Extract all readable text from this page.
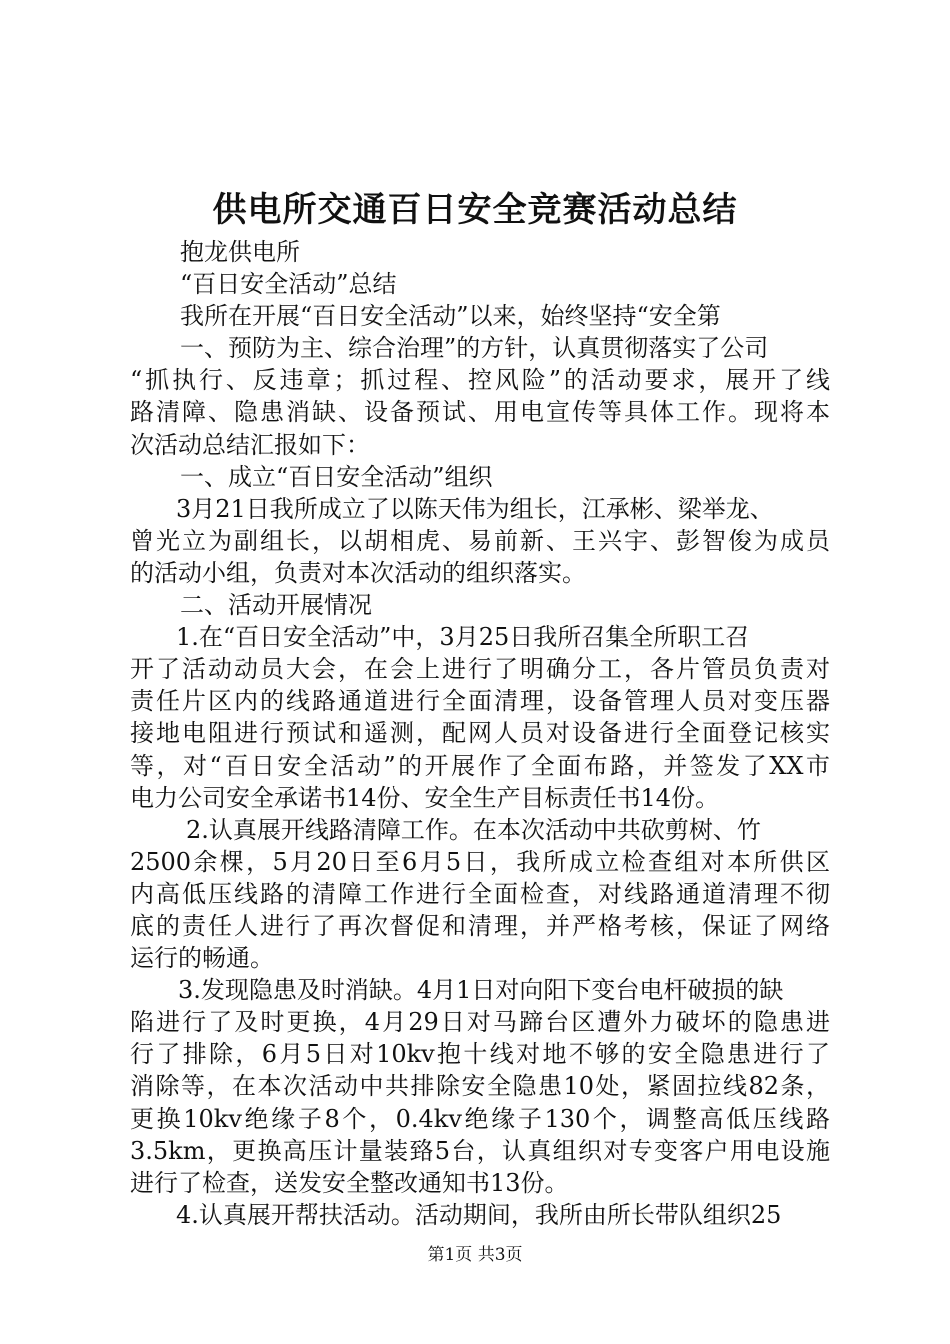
供电所交通百日安全竞赛活动总结
抱龙供电所
“百日安全活动”总结
我所在开展“百日安全活动”以来，始终坚持“安全第
一、预防为主、综合治理”的方针，认真贯彻落实了公司
“抓执行、反违章；抓过程、控风险”的活动要求，展开了线
路清障、隐患消缺、设备预试、用电宣传等具体工作。现将本
次活动总结汇报如下：
一、成立“百日安全活动”组织
3月21日我所成立了以陈天伟为组长，江承彬、梁举龙、
曾光立为副组长，以胡相虎、易前新、王兴宇、彭智俊为成员
的活动小组，负责对本次活动的组织落实。
二、活动开展情况
1.在“百日安全活动”中，3月25日我所召集全所职工召
开了活动动员大会，在会上进行了明确分工，各片管员负责对
责任片区内的线路通道进行全面清理，设备管理人员对变压器
接地电阻进行预试和遥测，配网人员对设备进行全面登记核实
等，对“百日安全活动”的开展作了全面布路，并签发了XX市
电力公司安全承诺书14份、安全生产目标责任书14份。
2.认真展开线路清障工作。在本次活动中共砍剪树、竹
2500余棵，5月20日至6月5日，我所成立检查组对本所供区
内高低压线路的清障工作进行全面检查，对线路通道清理不彻
底的责任人进行了再次督促和清理，并严格考核，保证了网络
运行的畅通。
3.发现隐患及时消缺。4月1日对向阳下变台电杆破损的缺
陷进行了及时更换，4月29日对马蹄台区遭外力破坏的隐患进
行了排除，6月5日对10kv抱十线对地不够的安全隐患进行了
消除等，在本次活动中共排除安全隐患10处，紧固拉线82条，
更换10kv绝缘子8个，0.4kv绝缘子130个，调整高低压线路
3.5km，更换高压计量装臵5台，认真组织对专变客户用电设施
进行了检查，送发安全整改通知书13份。
4.认真展开帮扶活动。活动期间，我所由所长带队组织25
第1页 共3页
